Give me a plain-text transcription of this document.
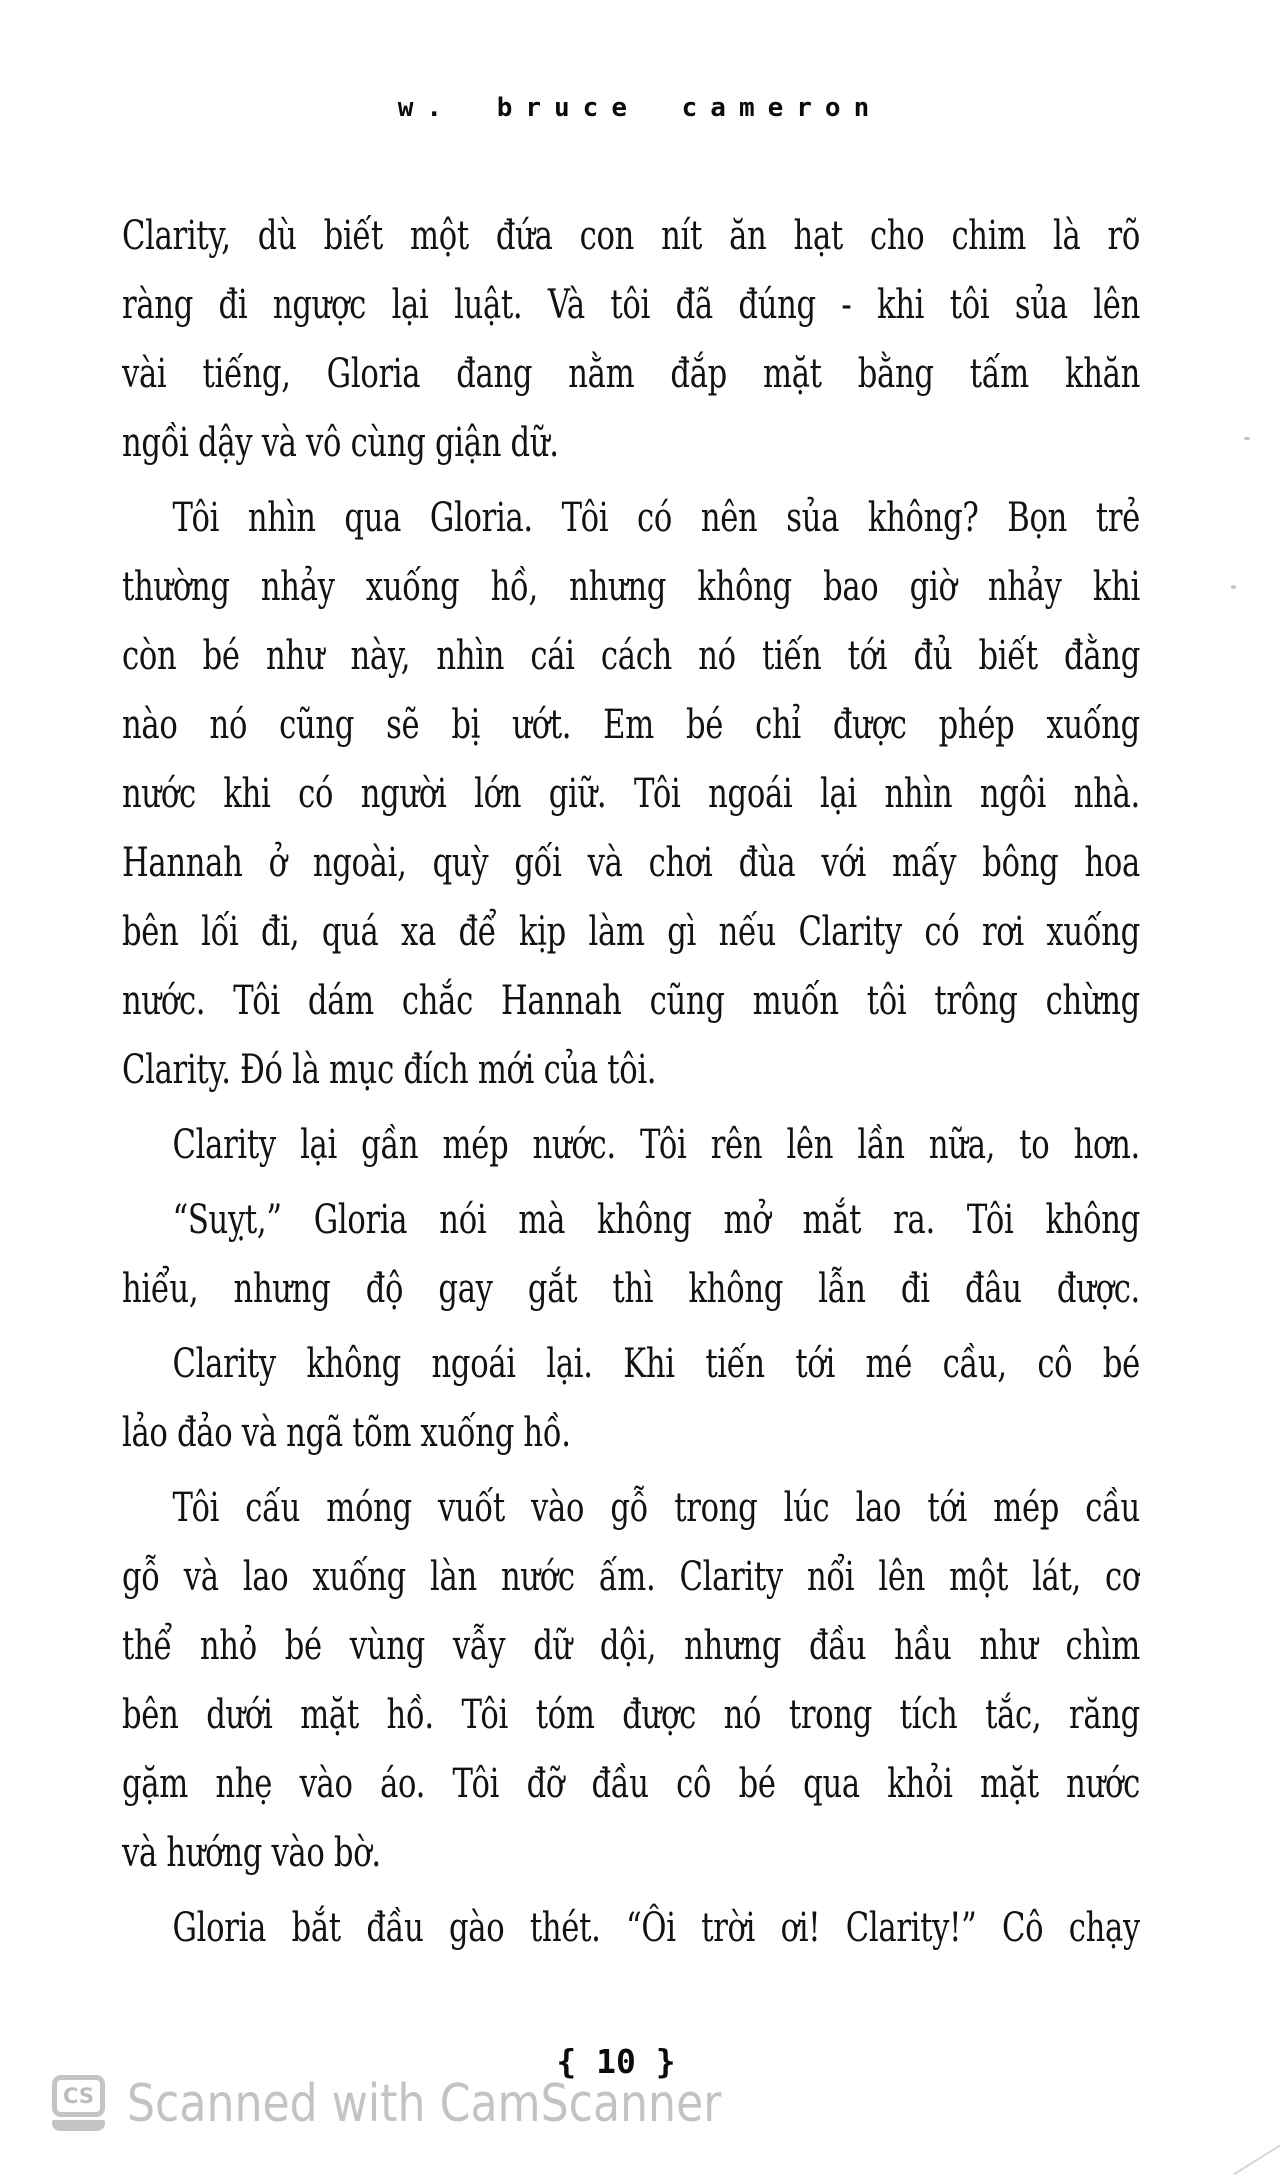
w. bruce cameron
Clarity, dù biết một đứa con nít ăn hạt cho chim là rõ
ràng đi ngược lại luật. Và tôi đã đúng - khi tôi sủa lên
vài tiếng, Gloria đang nằm đắp mặt bằng tấm khăn
ngồi dậy và vô cùng giận dữ.
Tôi nhìn qua Gloria. Tôi có nên sủa không? Bọn trẻ
thường nhảy xuống hồ, nhưng không bao giờ nhảy khi
còn bé như này, nhìn cái cách nó tiến tới đủ biết đằng
nào nó cũng sẽ bị ướt. Em bé chỉ được phép xuống
nước khi có người lớn giữ. Tôi ngoái lại nhìn ngôi nhà.
Hannah ở ngoài, quỳ gối và chơi đùa với mấy bông hoa
bên lối đi, quá xa để kịp làm gì nếu Clarity có rơi xuống
nước. Tôi dám chắc Hannah cũng muốn tôi trông chừng
Clarity. Đó là mục đích mới của tôi.
Clarity lại gần mép nước. Tôi rên lên lần nữa, to hơn.
“Suỵt,” Gloria nói mà không mở mắt ra. Tôi không
hiểu, nhưng độ gay gắt thì không lẫn đi đâu được.
Clarity không ngoái lại. Khi tiến tới mé cầu, cô bé
lảo đảo và ngã tõm xuống hồ.
Tôi cấu móng vuốt vào gỗ trong lúc lao tới mép cầu
gỗ và lao xuống làn nước ấm. Clarity nổi lên một lát, cơ
thể nhỏ bé vùng vẫy dữ dội, nhưng đầu hầu như chìm
bên dưới mặt hồ. Tôi tóm được nó trong tích tắc, răng
gặm nhẹ vào áo. Tôi đỡ đầu cô bé qua khỏi mặt nước
và hướng vào bờ.
Gloria bắt đầu gào thét. “Ôi trời ơi! Clarity!” Cô chạy
{ 10 }
CS Scanned with CamScanner
